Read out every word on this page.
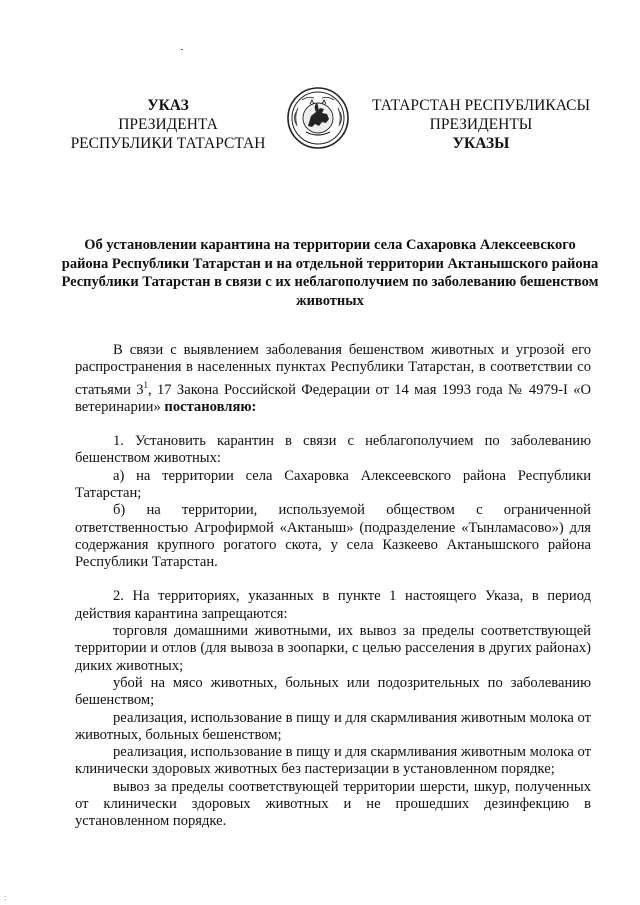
УКАЗ
ПРЕЗИДЕНТА
РЕСПУБЛИКИ ТАТАРСТАН
ТАТАРСТАН РЕСПУБЛИКАСЫ
ПРЕЗИДЕНТЫ
УКАЗЫ
Об установлении карантина на территории села Сахаровка Алексеевского района Республики Татарстан и на отдельной территории Актанышского района Республики Татарстан в связи с их неблагополучием по заболеванию бешенством животных

В связи с выявлением заболевания бешенством животных и угрозой его распространения в населенных пунктах Республики Татарстан, в соответствии со статьями $3^1$, 17 Закона Российской Федерации от 14 мая 1993 года № 4979-I «О ветеринарии» постановляю:

1. Установить карантин в связи с неблагополучием по заболеванию бешенством животных:

а) на территории села Сахаровка Алексеевского района Республики Татарстан;

б) на территории, используемой обществом с ограниченной ответственностью Агрофирмой «Актаныш» (подразделение «Тынламасово») для содержания крупного рогатого скота, у села Казкеево Актанышского района Республики Татарстан.

2. На территориях, указанных в пункте 1 настоящего Указа, в период действия карантина запрещаются:

торговля домашними животными, их вывоз за пределы соответствующей территории и отлов (для вывоза в зоопарки, с целью расселения в других районах) диких животных;

убой на мясо животных, больных или подозрительных по заболеванию бешенством;

реализация, использование в пищу и для скармливания животным молока от животных, больных бешенством;

реализация, использование в пищу и для скармливания животным молока от клинически здоровых животных без пастеризации в установленном порядке;

вывоз за пределы соответствующей территории шерсти, шкур, полученных от клинически здоровых животных и не прошедших дезинфекцию в установленном порядке.

:
